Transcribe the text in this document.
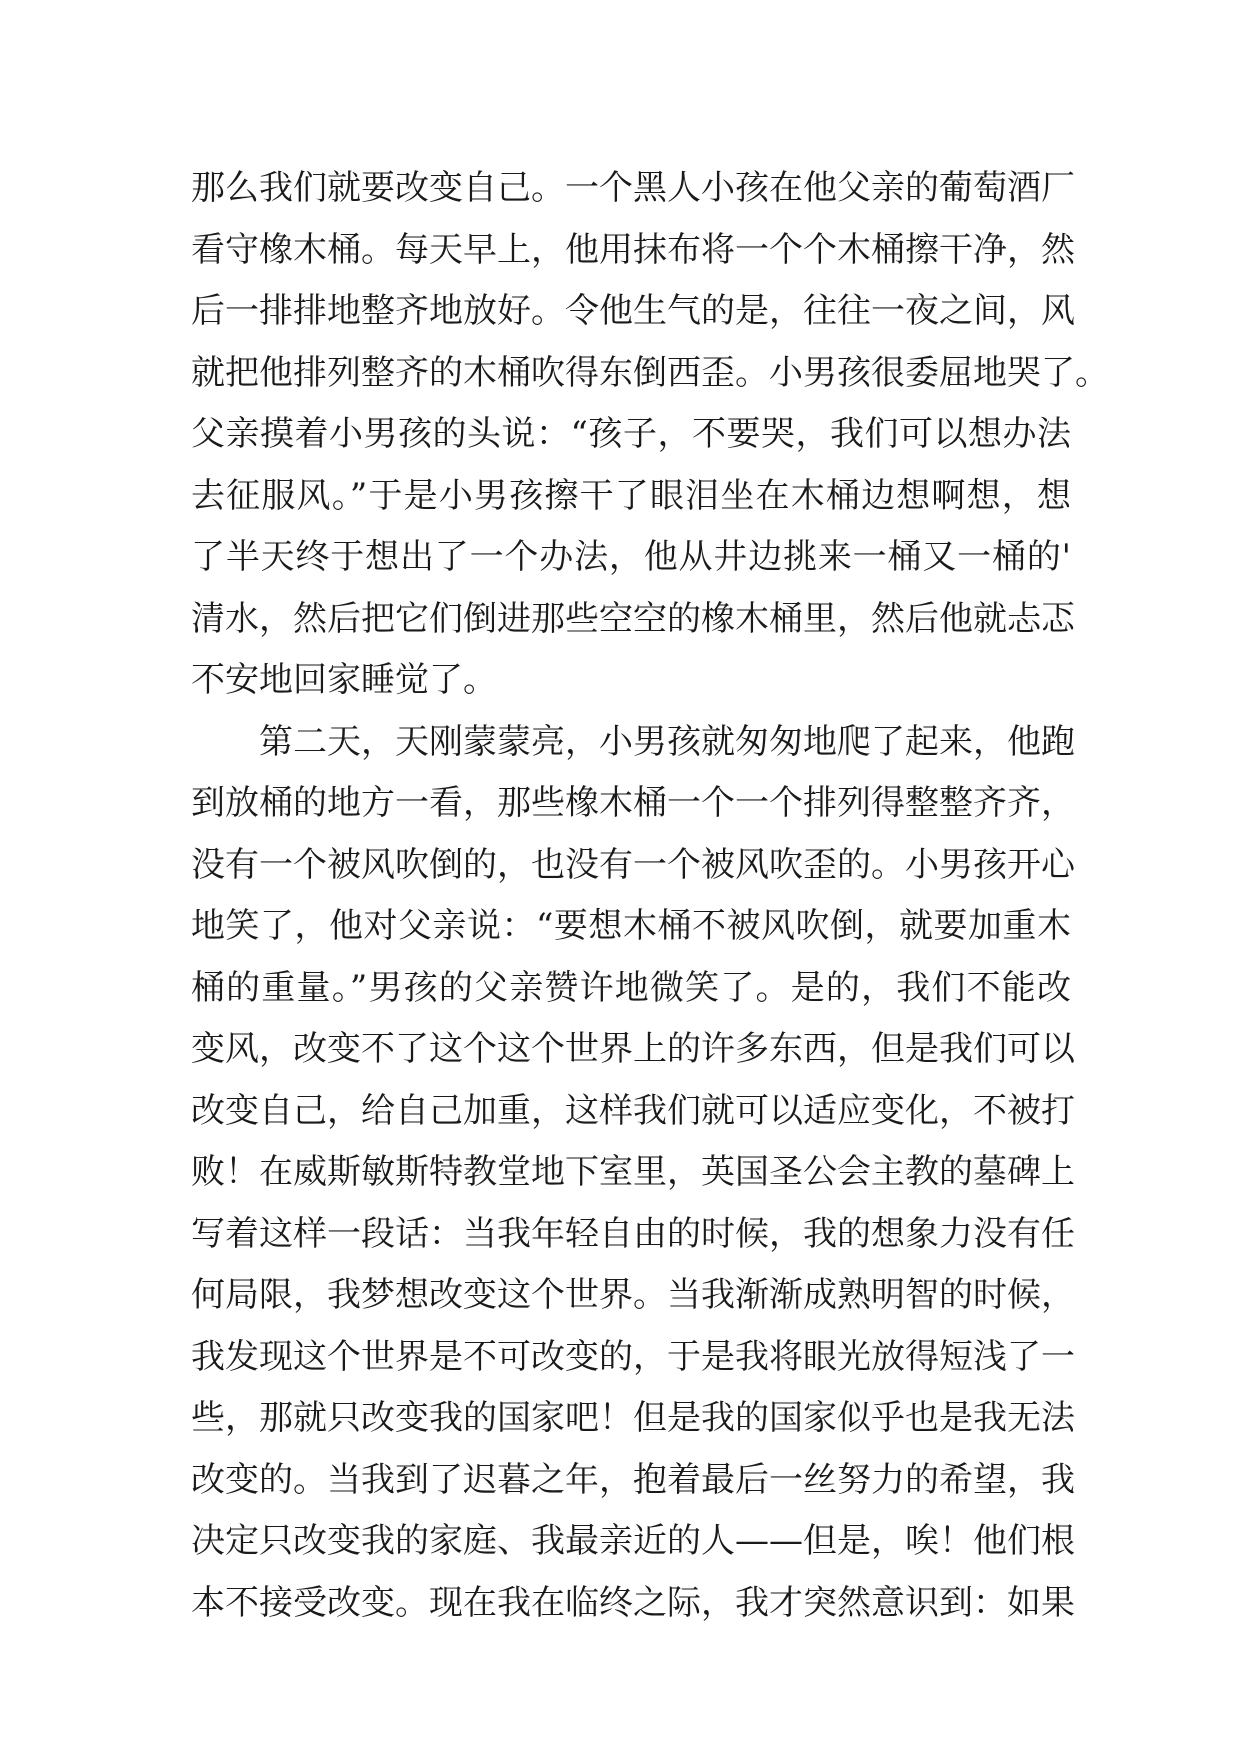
那么我们就要改变自己。一个黑人小孩在他父亲的葡萄酒厂
看守橡木桶。每天早上，他用抹布将一个个木桶擦干净，然
后一排排地整齐地放好。令他生气的是，往往一夜之间，风
就把他排列整齐的木桶吹得东倒西歪。小男孩很委屈地哭了。
父亲摸着小男孩的头说：“孩子，不要哭，我们可以想办法
去征服风。”于是小男孩擦干了眼泪坐在木桶边想啊想，想
了半天终于想出了一个办法，他从井边挑来一桶又一桶的'
清水，然后把它们倒进那些空空的橡木桶里，然后他就忐忑
不安地回家睡觉了。
第二天，天刚蒙蒙亮，小男孩就匆匆地爬了起来，他跑
到放桶的地方一看，那些橡木桶一个一个排列得整整齐齐，
没有一个被风吹倒的，也没有一个被风吹歪的。小男孩开心
地笑了，他对父亲说：“要想木桶不被风吹倒，就要加重木
桶的重量。”男孩的父亲赞许地微笑了。是的，我们不能改
变风，改变不了这个这个世界上的许多东西，但是我们可以
改变自己，给自己加重，这样我们就可以适应变化，不被打
败！在威斯敏斯特教堂地下室里，英国圣公会主教的墓碑上
写着这样一段话：当我年轻自由的时候，我的想象力没有任
何局限，我梦想改变这个世界。当我渐渐成熟明智的时候，
我发现这个世界是不可改变的，于是我将眼光放得短浅了一
些，那就只改变我的国家吧！但是我的国家似乎也是我无法
改变的。当我到了迟暮之年，抱着最后一丝努力的希望，我
决定只改变我的家庭、我最亲近的人——但是，唉！他们根
本不接受改变。现在我在临终之际，我才突然意识到：如果
